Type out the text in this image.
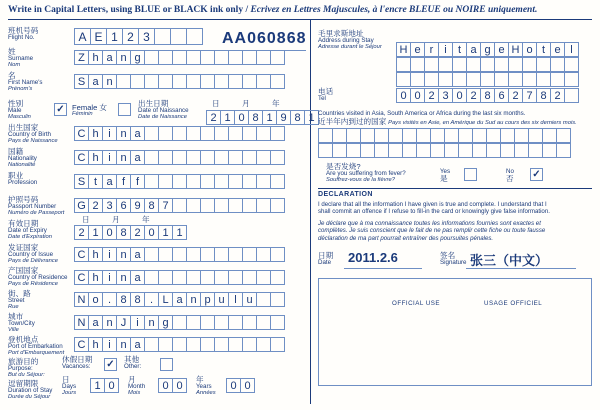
Write in Capital Letters, using BLUE or BLACK ink only / Ecrivez en Lettres Majuscules, à l'encre BLEUE ou NOIRE uniquement.
班机号码
Flight No.	A E 1 2 3	AA060868
姓
Surname
Nom
Z h a n g
名
First Name's
Prénom's
S a n
性别
Male
Masculin
✓ Female 女
Féminin
出生日期
Date of Naissance
Date de Naissance
日	月	年
2 1 0 8 1 9 8 1
出生国家
Country of Birth
Pays de Naissance
C h i n a
国籍
Nationality
Nationalité
C h i n a
职业
Profession	S t a f f
护照号码
Passport Number
Numéro de Passeport
G 2 3 6 9 8 7
有效日期
Date of Expiry
Date d'Expiration
日	月	年
2 1 0 8 2 0 1 1
发证国家
Country of Issue
Pays de Délivrance
C h i n a
产国国家
Country of Residence
Pays de Résidence
C h i n a
街、路
Street
Rue
N o . 8 8 . L a n p u l u
城市
Town/City
Ville
N a n J i n g
登机地点
Port of Embarkation
Port d'Embarquement
C h i n a
旅游目的
Purpose:
But du Séjour:
休假日期
Vacances: ✓	其他
Other:
逗留期限
Duration of Stay
Durée du Séjour
日
Days
Jours
1 0
月
Month
Mois
0 0
年
Years
Années
0 0
毛里求斯地址
Address during Stay
Adresse durant le Séjour	H e r i	t a g e H o t e l
电话
Tel	0 0 2 3 0 2 8 6 2 7 8 2
Countries visited in Asia, South America or Africa during the last six months.
近半年内到过的国家 Pays visités en Asie, en Amérique du Sud au cours des six derniers mois.
是否发烧?
Are you suffering from fever?
Souffrez-vous de la fièvre?
Yes
是
No
否 ✓
DECLARATION
I declare that all the information I have given is true and complete. I understand that I
shall commit an offence if I refuse to fill-in the card or knowingly give false information.
Je déclare que à ma connaissance toutes les informations fournies sont exactes et
complètes. Je suis conscient que le fait de ne pas remplir cette fiche ou toute fausse
déclaration de ma part pourrait entraîner des poursuites pénales.
日期
Date 2011.2.6	签名
Signature 张三（中文）
OFFICIAL USE	USAGE OFFICIEL
